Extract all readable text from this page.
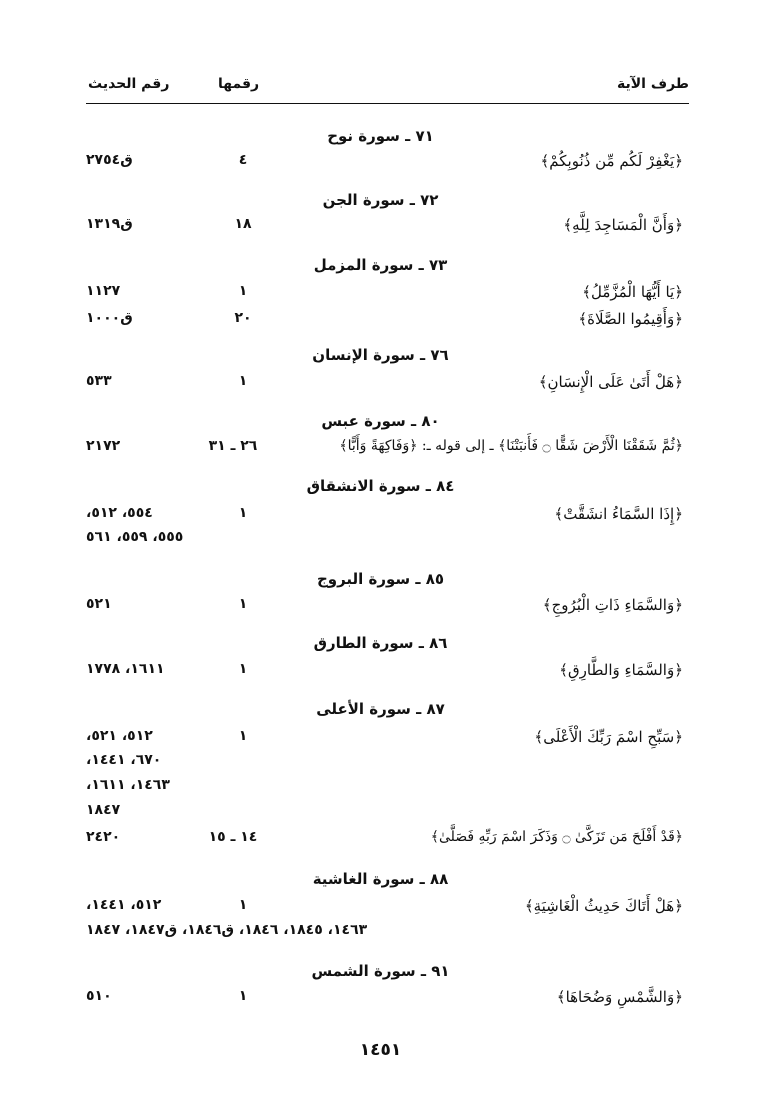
طرف الآية
رقمها
رقم الحديث
٧١ ـ سورة نوح
﴿يَغْفِرْ لَكُم مِّن ذُنُوبِكُمْ﴾
٤
ق٢٧٥٤
٧٢ ـ سورة الجن
﴿وَأَنَّ الْمَسَاجِدَ لِلَّهِ﴾
١٨
ق١٣١٩
٧٣ ـ سورة المزمل
﴿يَا أَيُّهَا الْمُزَّمِّلُ﴾
١
١١٢٧
﴿وَأَقِيمُوا الصَّلَاةَ﴾
٢٠
ق١٠٠٠
٧٦ ـ سورة الإنسان
﴿هَلْ أَتَىٰ عَلَى الْإِنسَانِ﴾
١
٥٣٣
٨٠ ـ سورة عبس
﴿ثُمَّ شَقَقْنَا الْأَرْضَ شَقًّا ۝ فَأَنبَتْنَا﴾ ـ إلى قوله ـ: ﴿وَفَاكِهَةً وَأَبًّا﴾
٢٦ ـ ٣١
٢١٧٢
٨٤ ـ سورة الانشقاق
﴿إِذَا السَّمَاءُ انشَقَّتْ﴾
١
٥٥٤، ٥١٢،
٥٥٥، ٥٥٩، ٥٦١
٨٥ ـ سورة البروج
﴿وَالسَّمَاءِ ذَاتِ الْبُرُوجِ﴾
١
٥٢١
٨٦ ـ سورة الطارق
﴿وَالسَّمَاءِ وَالطَّارِقِ﴾
١
١٦١١، ١٧٧٨
٨٧ ـ سورة الأعلى
﴿سَبِّحِ اسْمَ رَبِّكَ الْأَعْلَى﴾
١
٥١٢، ٥٢١،
٦٧٠، ١٤٤١،
١٤٦٣، ١٦١١،
١٨٤٧
﴿قَدْ أَفْلَحَ مَن تَزَكَّىٰ ۝ وَذَكَرَ اسْمَ رَبِّهِ فَصَلَّىٰ﴾
١٤ ـ ١٥
٢٤٢٠
٨٨ ـ سورة الغاشية
﴿هَلْ أَتَاكَ حَدِيثُ الْغَاشِيَةِ﴾
١
٥١٢، ١٤٤١،
١٤٦٣، ١٨٤٥، ١٨٤٦، ق١٨٤٦، ق١٨٤٧، ١٨٤٧
٩١ ـ سورة الشمس
﴿وَالشَّمْسِ وَضُحَاهَا﴾
١
٥١٠
١٤٥١
